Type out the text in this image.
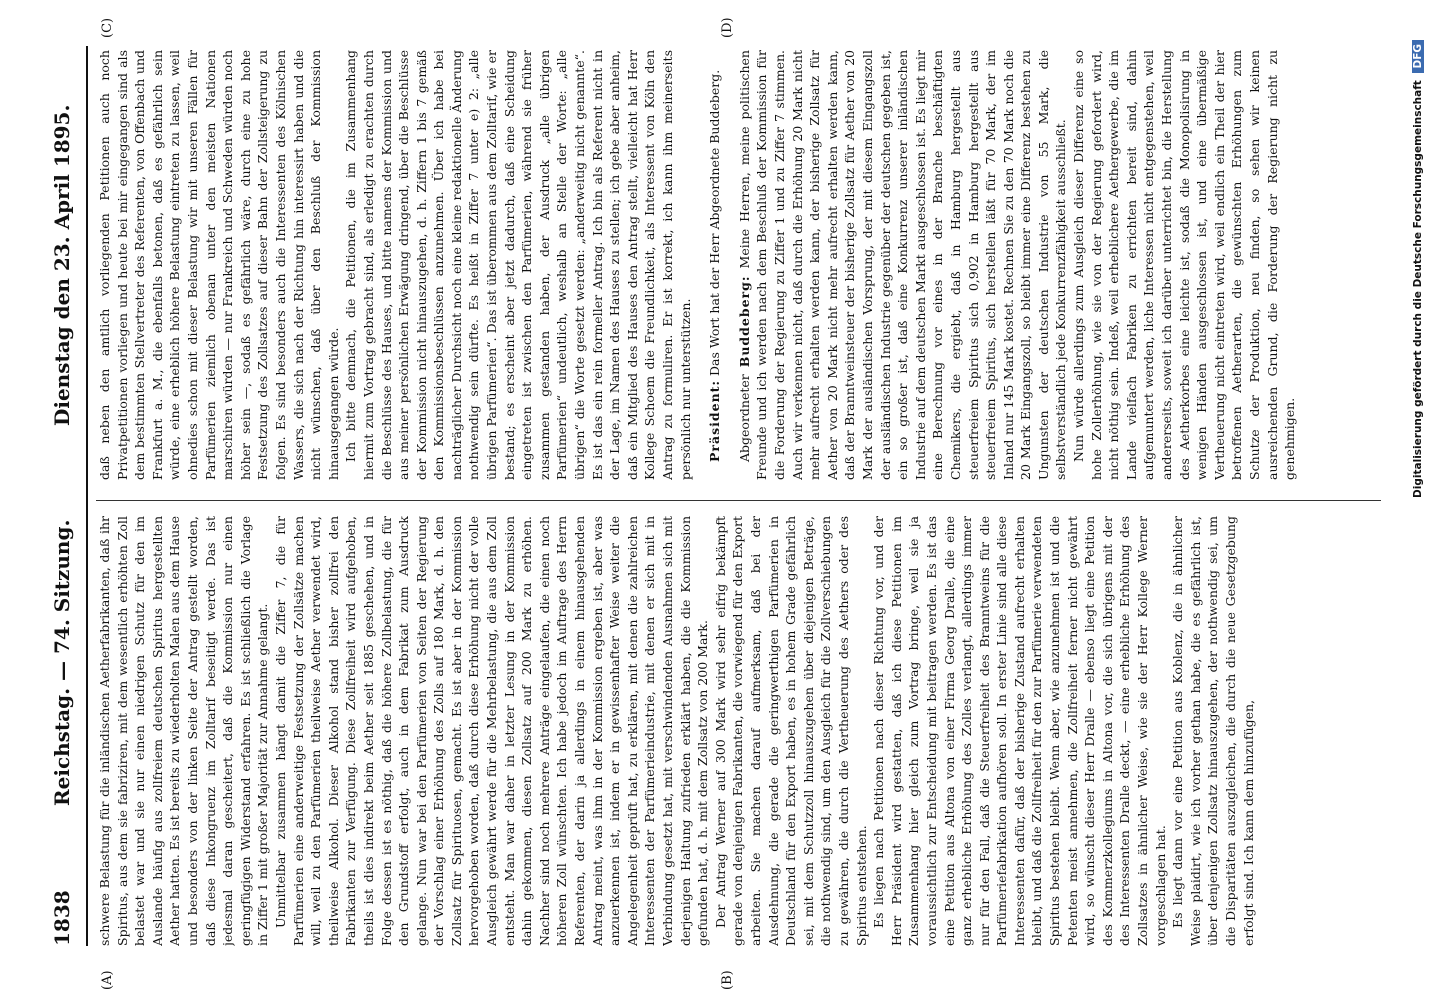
1838
Reichstag. — 74. Sitzung.
Dienstag den 23. April 1895.
(A)	(B)
(C)	(D)

schwere Belastung für die inländischen Aetherfabrikanten, daß ihr Spiritus, aus dem sie fabriziren, mit dem wesentlich erhöhten Zoll belastet war und sie nur einen niedrigen Schutz für den im Auslande häufig aus zollfreiem deutschen Spiritus hergestellten Aether hatten. Es ist bereits zu wiederholten Malen aus dem Hause und besonders von der linken Seite der Antrag gestellt worden, daß diese Inkongruenz im Zolltarif beseitigt werde. Das ist jedesmal daran gescheitert, daß die Kommission nur einen geringfügigen Widerstand erfahren. Es ist schließlich die Vorlage in Ziffer 1 mit großer Majorität zur Annahme gelangt. Unmittelbar zusammen hängt damit die Ziffer 7, die für Parfümerien eine anderweitige Festsetzung der Zollsätze machen will, weil zu den Parfümerien theilweise Aether verwendet wird, theilweise Alkohol. Dieser Alkohol stand bisher zollfrei den Fabrikanten zur Verfügung. Diese Zollfreiheit wird aufgehoben, theils ist dies indirekt beim Aether seit 1885 geschehen, und in Folge dessen ist es nöthig, daß die höhere Zollbelastung, die für den Grundstoff erfolgt, auch in dem Fabrikat zum Ausdruck gelange. Nun war bei den Parfümerien von Seiten der Regierung der Vorschlag einer Erhöhung des Zolls auf 180 Mark, d. h. den Zollsatz für Spirituosen, gemacht. Es ist aber in der Kommission hervorgehoben worden, daß durch diese Erhöhung nicht der volle Ausgleich gewährt werde für die Mehrbelastung, die aus dem Zoll entsteht. Man war daher in letzter Lesung in der Kommission dahin gekommen, diesen Zollsatz auf 200 Mark zu erhöhen. Nachher sind noch mehrere Anträge eingelaufen, die einen noch höheren Zoll wünschten. Ich habe jedoch im Auftrage des Herrn Referenten, der darin ja allerdings in einem hinausgehenden Antrag meint, was ihm in der Kommission ergeben ist, aber was anzuerkennen ist, indem er in gewissenhafter Weise weiter die Angelegenheit geprüft hat, zu erklären, mit denen die zahlreichen Interessenten der Parfümerieindustrie, mit denen er sich mit in Verbindung gesetzt hat, mit verschwindenden Ausnahmen sich mit derjenigen Haltung zufrieden erklärt haben, die die Kommission gefunden hat, d. h. mit dem Zollsatz von 200 Mark. Der Antrag Werner auf 300 Mark wird sehr eifrig bekämpft gerade von denjenigen Fabrikanten, die vorwiegend für den Export arbeiten. Sie machen darauf aufmerksam, daß bei der Ausdehnung, die gerade die geringwerthigen Parfümerien in Deutschland für den Export haben, es in hohem Grade gefährlich sei, mit dem Schutzzoll hinauszugehen über diejenigen Beträge, die nothwendig sind, um den Ausgleich für die Zollverschiebungen zu gewähren, die durch die Vertheuerung des Aethers oder des Spiritus entstehen. Es liegen nach Petitionen nach dieser Richtung vor, und der Herr Präsident wird gestatten, daß ich diese Petitionen im Zusammenhang hier gleich zum Vortrag bringe, weil sie ja voraussichtlich zur Entscheidung mit beitragen werden. Es ist das eine Petition aus Altona von einer Firma Georg Dralle, die eine ganz erhebliche Erhöhung des Zolles verlangt, allerdings immer nur für den Fall, daß die Steuerfreiheit des Branntweins für die Parfümeriefabrikation aufhören soll. In erster Linie sind alle diese Interessenten dafür, daß der bisherige Zustand aufrecht erhalten bleibt, und daß die Zollfreiheit für den zur Parfümerie verwendeten Spiritus bestehen bleibt. Wenn aber, wie anzunehmen ist und die Petenten meist annehmen, die Zollfreiheit ferner nicht gewährt wird, so wünscht dieser Herr Dralle — ebenso liegt eine Petition des Kommerzkollegiums in Altona vor, die sich übrigens mit der des Interessenten Dralle deckt, — eine erhebliche Erhöhung des Zollsatzes in ähnlicher Weise, wie sie der Herr Kollege Werner vorgeschlagen hat. Es liegt dann vor eine Petition aus Koblenz, die in ähnlicher Weise plaidirt, wie ich vorher gethan habe, die es gefährlich ist, über denjenigen Zollsatz hinauszugehen, der nothwendig sei, um die Disparitäten auszugleichen, die durch die neue Gesetzgebung erfolgt sind. Ich kann dem hinzufügen,

daß neben den amtlich vorliegenden Petitionen auch noch Privatpetitionen vorliegen und heute bei mir eingegangen sind als dem bestimmten Stellvertreter des Referenten, von Offenbach und Frankfurt a. M., die ebenfalls betonen, daß es gefährlich sein würde, eine erheblich höhere Belastung eintreten zu lassen, weil ohnedies schon mit dieser Belastung wir mit unseren Fällen für Parfümerien ziemlich obenan unter den meisten Nationen marschiren würden — nur Frankreich und Schweden würden noch höher sein —, sodaß es gefährlich wäre, durch eine zu hohe Festsetzung des Zollsatzes auf dieser Bahn der Zollsteigerung zu folgen. Es sind besonders auch die Interessenten des Kölnischen Wassers, die sich nach der Richtung hin interessirt haben und die nicht wünschen, daß über den Beschluß der Kommission hinausgegangen würde. Ich bitte demnach, die Petitionen, die im Zusammenhang hiermit zum Vortrag gebracht sind, als erledigt zu erachten durch die Beschlüsse des Hauses, und bitte namens der Kommission und aus meiner persönlichen Erwägung dringend, über die Beschlüsse der Kommission nicht hinauszugehen, d. h. Ziffern 1 bis 7 gemäß den Kommissionsbeschlüssen anzunehmen. Über ich habe bei nachträglicher Durchsicht noch eine kleine redaktionelle Änderung nothwendig sein dürfte. Es heißt in Ziffer 7 unter e) 2: „alle übrigen Parfümerien“. Das ist überommen aus dem Zolltarif, wie er bestand; es erscheint aber jetzt dadurch, daß eine Scheidung eingetreten ist zwischen den Parfümerien, während sie früher zusammen gestanden haben, der Ausdruck „alle übrigen Parfümerien“ undeutlich, weshalb an Stelle der Worte: „alle übrigen“ die Worte gesetzt werden: „anderweitig nicht genannte“. Es ist das ein rein formeller Antrag. Ich bin als Referent nicht in der Lage, im Namen des Hauses zu stellen; ich gebe aber anheim, daß ein Mitglied des Hauses den Antrag stellt, vielleicht hat Herr Kollege Schoem die Freundlichkeit, als Interessent von Köln den Antrag zu formuliren. Er ist korrekt, ich kann ihm meinerseits persönlich nur unterstützen. Präsident: Das Wort hat der Herr Abgeordnete Buddeberg.

Abgeordneter Buddeberg: Meine Herren, meine politischen Freunde und ich werden nach dem Beschluß der Kommission für die Forderung der Regierung zu Ziffer 1 und zu Ziffer 7 stimmen. Auch wir verkennen nicht, daß durch die Erhöhung 20 Mark nicht mehr aufrecht erhalten werden kann, der bisherige Zollsatz für Aether von 20 Mark nicht mehr aufrecht erhalten werden kann, daß der Branntweinsteuer der bisherige Zollsatz für Aether von 20 Mark der ausländischen Vorsprung, der mit diesem Eingangszoll der ausländischen Industrie gegenüber der deutschen gegeben ist, ein so großer ist, daß eine Konkurrenz unserer inländischen Industrie auf dem deutschen Markt ausgeschlossen ist. Es liegt mir eine Berechnung vor eines in der Branche beschäftigten Chemikers, die ergiebt, daß in Hamburg hergestellt aus steuerfreiem Spiritus sich 0,902 in Hamburg hergestellt aus steuerfreiem Spiritus, sich herstellen läßt für 70 Mark, der im Inland nur 145 Mark kostet. Rechnen Sie zu den 70 Mark noch die 20 Mark Eingangszoll, so bleibt immer eine Differenz bestehen zu Ungunsten der deutschen Industrie von 55 Mark, die selbstverständlich jede Konkurrenzfähigkeit ausschließt. Nun würde allerdings zum Ausgleich dieser Differenz eine so hohe Zollerhöhung, wie sie von der Regierung gefordert wird, nicht nöthig sein. Indeß, weil erheblichere Aethergewerbe, die im Lande vielfach Fabriken zu errichten bereit sind, dahin aufgemuntert werden, liche Interessen nicht entgegenstehen, weil andererseits, soweit ich darüber unterrichtet bin, die Herstellung des Aetherkorbes eine leichte ist, sodaß die Monopolisirung in wenigen Händen ausgeschlossen ist, und eine übermäßige Vertheuerung nicht eintreten wird, weil endlich ein Theil der hier betroffenen Aetherarten, die gewünschten Erhöhungen zum Schutze der Produktion, neu finden, so sehen wir keinen ausreichenden Grund, die Forderung der Regierung nicht zu genehmigen.	Digitalisierung gefördert durch die Deutsche Forschungsgemeinschaft DFG
